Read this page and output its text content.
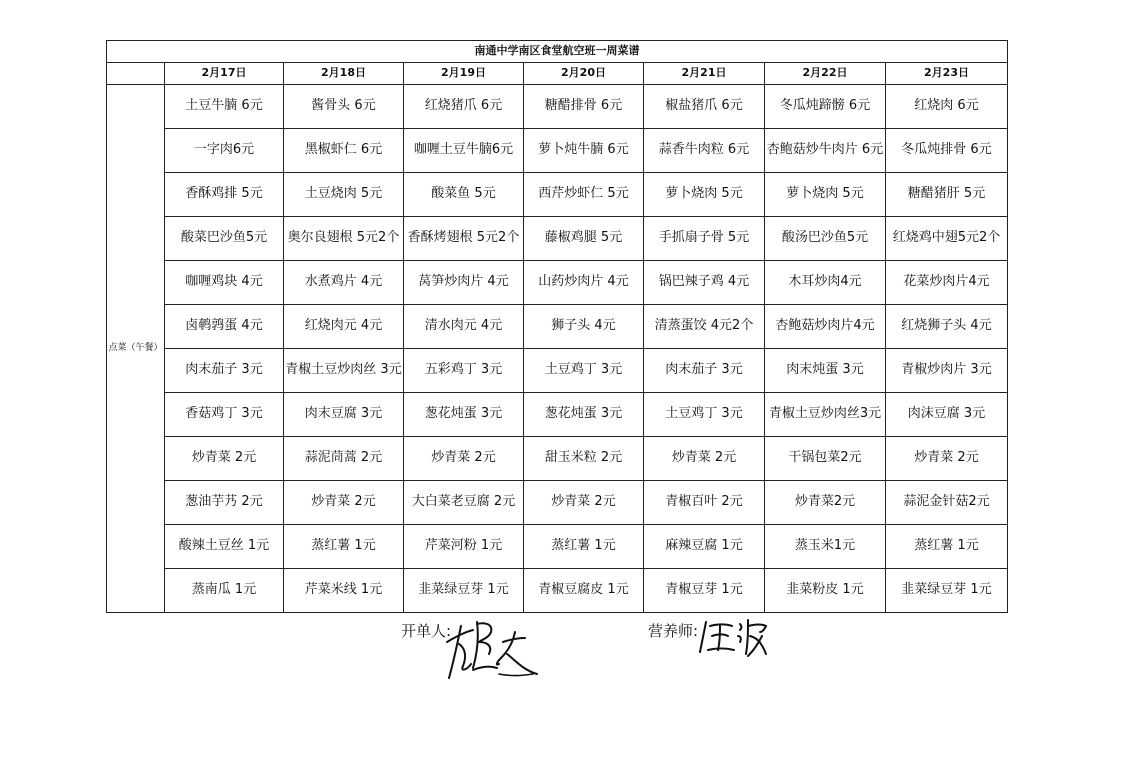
南通中学南区食堂航空班一周菜谱							
	2月17日	2月18日	2月19日	2月20日	2月21日	2月22日	2月23日
点菜（午餐）	土豆牛腩 6元	酱骨头 6元	红烧猪爪 6元	糖醋排骨 6元	椒盐猪爪 6元	冬瓜炖蹄髈 6元	红烧肉 6元
	一字肉6元	黑椒虾仁 6元	咖喱土豆牛腩6元	萝卜炖牛腩 6元	蒜香牛肉粒 6元	杏鲍菇炒牛肉片 6元	冬瓜炖排骨 6元
	香酥鸡排 5元	土豆烧肉 5元	酸菜鱼 5元	西芹炒虾仁 5元	萝卜烧肉 5元	萝卜烧肉 5元	糖醋猪肝 5元
	酸菜巴沙鱼5元	奥尔良翅根 5元2个	香酥烤翅根 5元2个	藤椒鸡腿 5元	手抓扇子骨 5元	酸汤巴沙鱼5元	红烧鸡中翅5元2个
	咖喱鸡块 4元	水煮鸡片 4元	莴笋炒肉片 4元	山药炒肉片 4元	锅巴辣子鸡 4元	木耳炒肉4元	花菜炒肉片4元
	卤鹌鹑蛋 4元	红烧肉元 4元	清水肉元 4元	狮子头 4元	清蒸蛋饺 4元2个	杏鲍菇炒肉片4元	红烧狮子头 4元
	肉末茄子 3元	青椒土豆炒肉丝 3元	五彩鸡丁 3元	土豆鸡丁 3元	肉末茄子 3元	肉末炖蛋 3元	青椒炒肉片 3元
	香菇鸡丁 3元	肉末豆腐 3元	葱花炖蛋 3元	葱花炖蛋 3元	土豆鸡丁 3元	青椒土豆炒肉丝3元	肉沫豆腐 3元
	炒青菜 2元	蒜泥茼蒿 2元	炒青菜 2元	甜玉米粒 2元	炒青菜 2元	干锅包菜2元	炒青菜 2元
	葱油芋艿 2元	炒青菜 2元	大白菜老豆腐 2元	炒青菜 2元	青椒百叶 2元	炒青菜2元	蒜泥金针菇2元
	酸辣土豆丝 1元	蒸红薯 1元	芹菜河粉 1元	蒸红薯 1元	麻辣豆腐 1元	蒸玉米1元	蒸红薯 1元
	蒸南瓜 1元	芹菜米线 1元	韭菜绿豆芽 1元	青椒豆腐皮 1元	青椒豆芽 1元	韭菜粉皮 1元	韭菜绿豆芽 1元
开单人:	营养师:
